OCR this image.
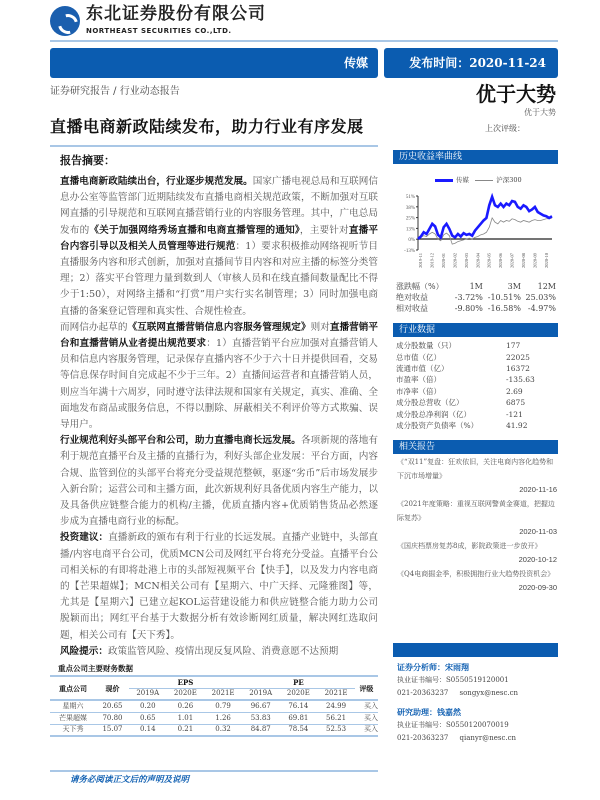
东北证券股份有限公司
NORTHEAST SECURITIES CO.,LTD.
传媒	发布时间：2020-11-24
证券研究报告 / 行业动态报告	优于大势
优于大势
上次评级：
直播电商新政陆续发布，助力行业有序发展
报告摘要：

直播电商新政陆续出台，行业逐步规范发展。国家广播电视总局和互联网信息办公室等监管部门近期陆续发布直播电商相关规范政策，不断加强对互联网直播的引导规范和互联网直播营销行业的内容服务管理。其中，广电总局发布的《关于加强网络秀场直播和电商直播管理的通知》，主要针对直播平台内容引导以及相关人员管理等进行规范：1）要求积极推动网络视听节目直播服务内容和形式创新，加强对直播间节目内容和对应主播的标签分类管理；2）落实平台管理力量到数到人（审核人员和在线直播间数量配比不得少于1:50），对网络主播和“打赏”用户实行实名制管理；3）同时加强电商直播的备案登记管理和真实性、合规性检查。

而网信办起草的《互联网直播营销信息内容服务管理规定》则对直播营销平台和直播营销从业者提出规范要求：1）直播营销平台应加强对直播营销人员和信息内容服务管理，记录保存直播内容不少于六十日并提供回看，交易等信息保存时间自完成起不少于三年。2）直播间运营者和直播营销人员，则应当年满十六周岁，同时遵守法律法规和国家有关规定，真实、准确、全面地发布商品或服务信息，不得以删除、屏蔽相关不利评价等方式欺骗、误导用户。

行业规范利好头部平台和公司，助力直播电商长远发展。各项新规的落地有利于规范直播平台及主播的直播行为，利好头部企业发展：平台方面，内容合规、监管到位的头部平台将充分受益规范整顿，驱逐“劣币”后市场发展步入新台阶；运营公司和主播方面，此次新规利好具备优质内容生产能力，以及具备供应链整合能力的机构/主播，优质直播内容+优质销售货品必然逐步成为直播电商行业的标配。

投资建议：直播新政的颁布有利于行业的长远发展。直播产业链中，头部直播/内容电商平台公司，优质MCN公司及网红平台将充分受益。直播平台公司相关标的有即将赴港上市的头部短视频平台【快手】，以及发力内容电商的【芒果超媒】；MCN相关公司有【星期六、中广天择、元隆雅图】等，尤其是【星期六】已建立起KOL运营建设能力和供应链整合能力助力公司脱颖而出；网红平台基于大数据分析有效诊断网红质量，解决网红选取问题，相关公司有【天下秀】。

风险提示：政策监管风险、疫情出现反复风险、消费意愿不达预期

重点公司主要财务数据
重点公司	现价	EPS			PE			评级
		2019A	2020E	2021E	2019A	2020E	2021E	
星期六	20.65	0.20	0.26	0.79	96.67	76.14	24.99	买入
芒果超媒	70.80	0.65	1.01	1.26	53.83	69.81	56.21	买入
天下秀	15.07	0.14	0.21	0.32	84.87	78.54	52.53	买入
历史收益率曲线
传媒	沪深300
51%
38%
25%
13%
0%
-13%
2019-11 2019-12 2020-01 2020-02 2020-03 2020-04 2020-05 2020-06 2020-07 2020-08 2020-09 2020-10
涨跌幅（%）	1M	3M	12M
绝对收益	-3.72%	-10.51%	25.03%
相对收益	-9.80%	-16.58%	-4.97%
行业数据
成分股数量（只）	177
总市值（亿）	22025
流通市值（亿）	16372
市盈率（倍）	-135.63
市净率（倍）	2.69
成分股总营收（亿）	6875
成分股总净利润（亿）	-121
成分股资产负债率（%）	41.92
相关报告
《“双11”复盘：狂欢依旧，关注电商内容化趋势和下沉市场增量》
2020-11-16
《2021年度策略：重视互联网警黄金赛道，把握边际复苏》
2020-11-03
《国庆档票房复苏8成，影院政策进一步放开》
2020-10-12
《Q4电商掘金季，积极拥抱行业大趋势投资机会》
2020-09-30
证券分析师：宋雨翔
执业证书编号：S0550519120001
021-20363237 songyx@nesc.cn
研究助理：钱嘉然
执业证书编号：S0550120070019
021-20363237 qianyr@nesc.cn
请务必阅读正文后的声明及说明
